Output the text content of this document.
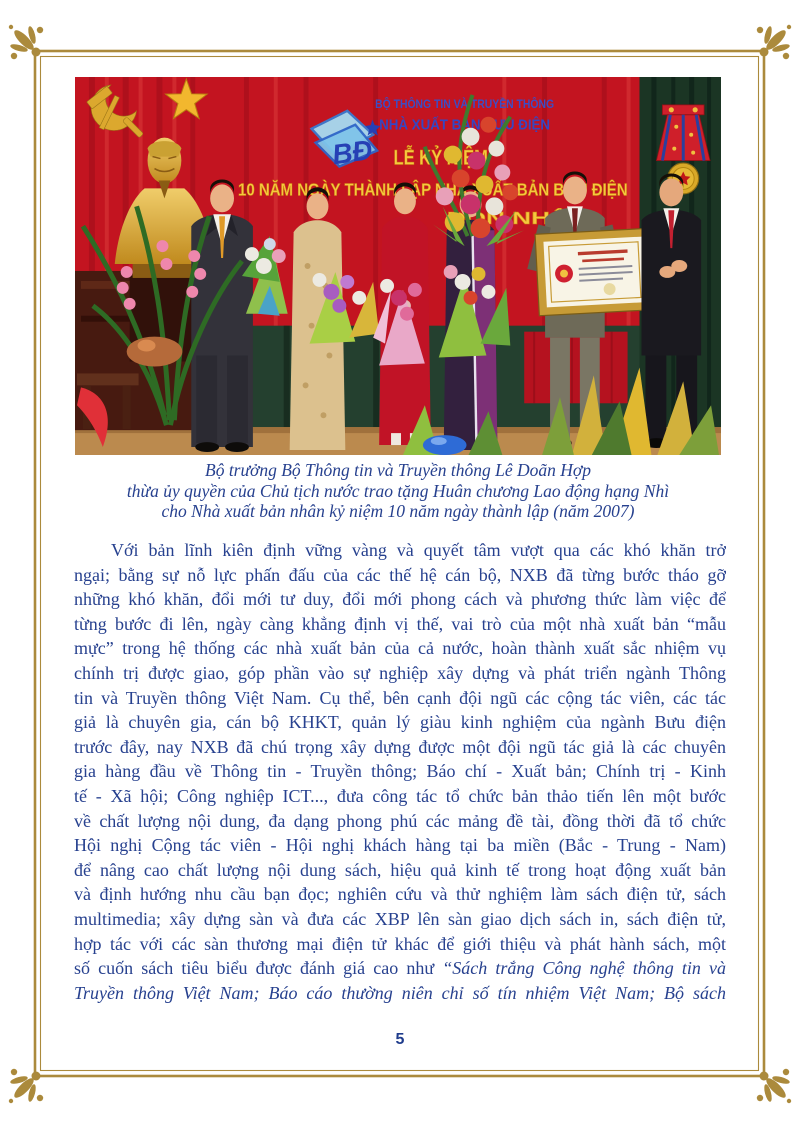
BĐ
BỘ THÔNG TIN VÀ TRUYỀN THÔNG
NHÀ XUẤT BẢN BƯU ĐIỆN
ĐÓN NHẬN
Bộ trưởng Bộ Thông tin và Truyền thông Lê Doãn Hợp
thừa ủy quyền của Chủ tịch nước trao tặng Huân chương Lao động hạng Nhì
cho Nhà xuất bản nhân kỷ niệm 10 năm ngày thành lập (năm 2007)
Với bản lĩnh kiên định vững vàng và quyết tâm vượt qua các khó khăn trở
ngại; bằng sự nỗ lực phấn đấu của các thế hệ cán bộ, NXB đã từng bước tháo gỡ
những khó khăn, đổi mới tư duy, đổi mới phong cách và phương thức làm việc để
từng bước đi lên, ngày càng khẳng định vị thế, vai trò của một nhà xuất bản “mẫu
mực” trong hệ thống các nhà xuất bản của cả nước, hoàn thành xuất sắc nhiệm vụ
chính trị được giao, góp phần vào sự nghiệp xây dựng và phát triển ngành Thông
tin và Truyền thông Việt Nam. Cụ thể, bên cạnh đội ngũ các cộng tác viên, các tác
giả là chuyên gia, cán bộ KHKT, quản lý giàu kinh nghiệm của ngành Bưu điện
trước đây, nay NXB đã chú trọng xây dựng được một đội ngũ tác giả là các chuyên
gia hàng đầu về Thông tin - Truyền thông; Báo chí - Xuất bản; Chính trị - Kinh
tế - Xã hội; Công nghiệp ICT..., đưa công tác tổ chức bản thảo tiến lên một bước
về chất lượng nội dung, đa dạng phong phú các mảng đề tài, đồng thời đã tổ chức
Hội nghị Cộng tác viên - Hội nghị khách hàng tại ba miền (Bắc - Trung - Nam)
để nâng cao chất lượng nội dung sách, hiệu quả kinh tế trong hoạt động xuất bản
và định hướng nhu cầu bạn đọc; nghiên cứu và thử nghiệm làm sách điện tử, sách
multimedia; xây dựng sàn và đưa các XBP lên sàn giao dịch sách in, sách điện tử,
hợp tác với các sàn thương mại điện tử khác để giới thiệu và phát hành sách, một
số cuốn sách tiêu biểu được đánh giá cao như “Sách trắng Công nghệ thông tin và
Truyền thông Việt Nam; Báo cáo thường niên chỉ số tín nhiệm Việt Nam; Bộ sách
5
